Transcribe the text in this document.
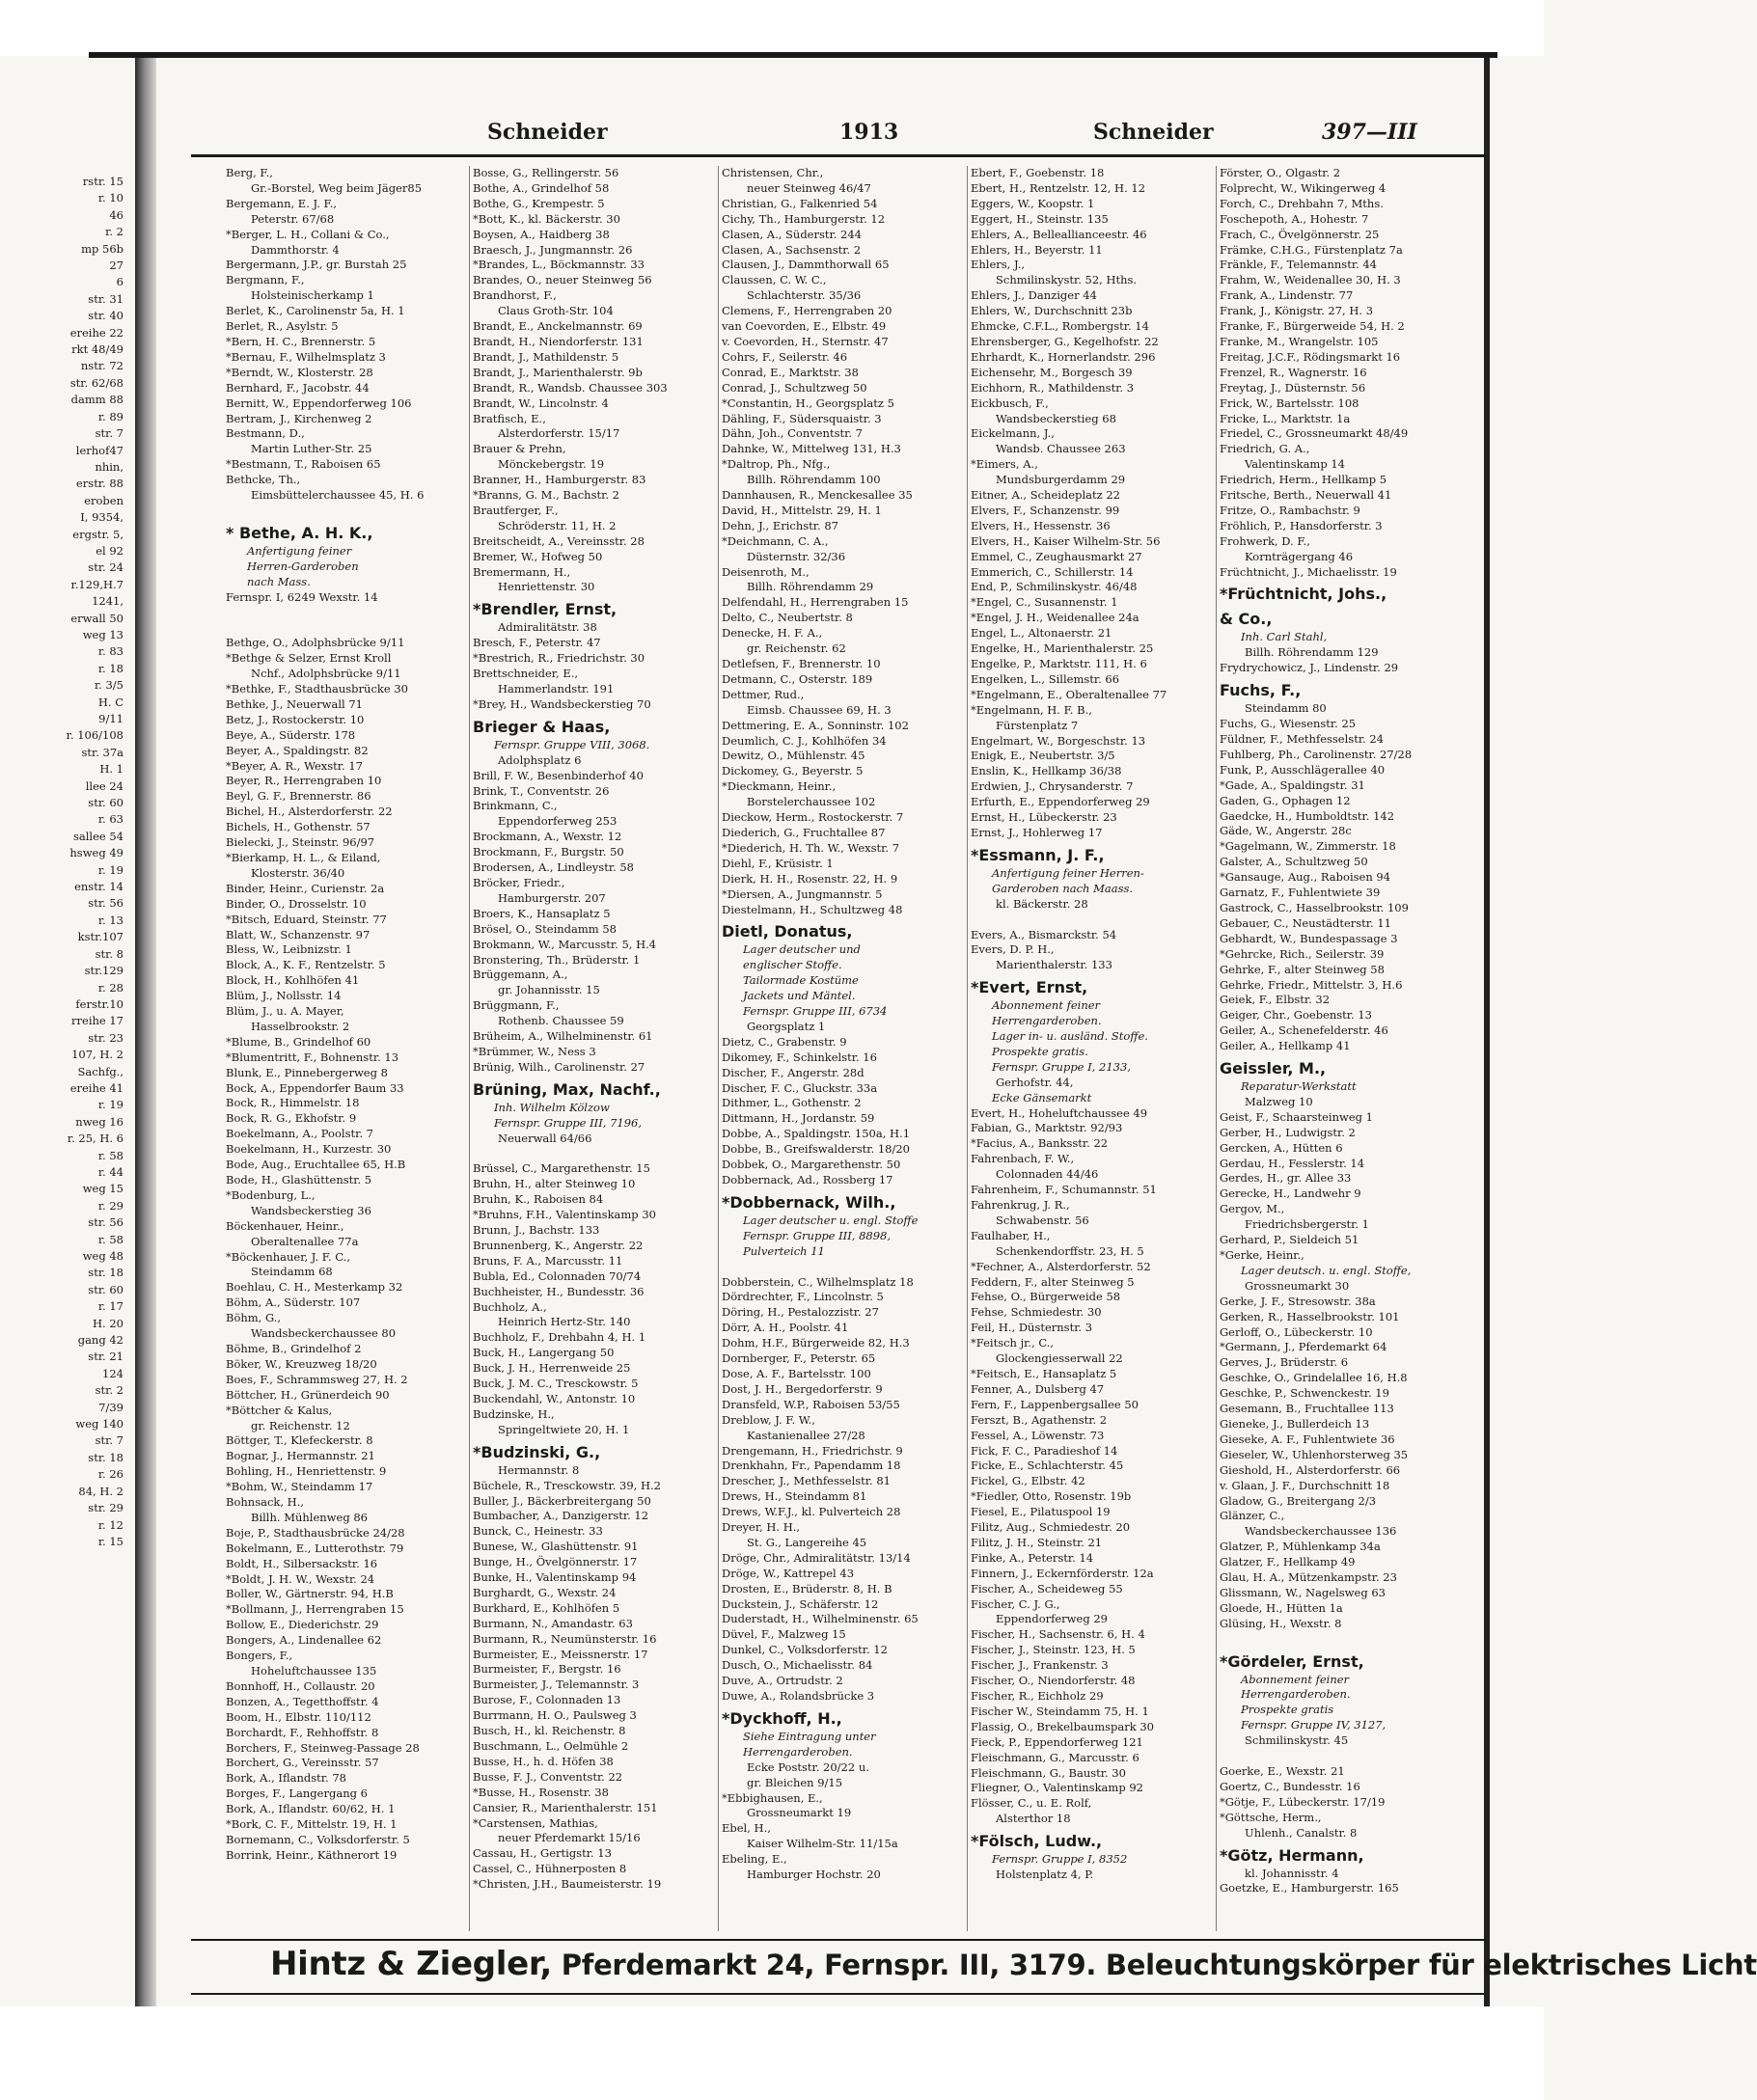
rstr. 15
r. 10
46
r. 2
mp 56b
27
6
str. 31
str. 40
ereihe 22
rkt 48/49
nstr. 72
str. 62/68
damm 88
r. 89
str. 7
lerhof47
nhin,
erstr. 88
eroben
I, 9354,
ergstr. 5,
el 92
str. 24
r.129,H.7
1241,
erwall 50
weg 13
r. 83
r. 18
r. 3/5
H. C
9/11
r. 106/108
str. 37a
H. 1
llee 24
str. 60
r. 63
sallee 54
hsweg 49
r. 19
enstr. 14
str. 56
r. 13
kstr.107
str. 8
str.129
r. 28
ferstr.10
rreihe 17
str. 23
107, H. 2
Sachfg.,
ereihe 41
r. 19
nweg 16
r. 25, H. 6
r. 58
r. 44
weg 15
r. 29
str. 56
r. 58
weg 48
str. 18
str. 60
r. 17
H. 20
gang 42
str. 21
124
str. 2
7/39
weg 140
str. 7
str. 18
r. 26
84, H. 2
str. 29
r. 12
r. 15
Schneider	1913	Schneider	397—III
Berg, F.,
Gr.-Borstel, Weg beim Jäger85
Bergemann, E. J. F.,
Peterstr. 67/68
*Berger, L. H., Collani & Co.,
Dammthorstr. 4
Bergermann, J.P., gr. Burstah 25
Bergmann, F.,
Holsteinischerkamp 1
Berlet, K., Carolinenstr 5a, H. 1
Berlet, R., Asylstr. 5
*Bern, H. C., Brennerstr. 5
*Bernau, F., Wilhelmsplatz 3
*Berndt, W., Klosterstr. 28
Bernhard, F., Jacobstr. 44
Bernitt, W., Eppendorferweg 106
Bertram, J., Kirchenweg 2
Bestmann, D.,
Martin Luther-Str. 25
*Bestmann, T., Raboisen 65
Bethcke, Th.,
Eimsbüttelerchaussee 45, H. 6

* Bethe, A. H. K.,
Anfertigung feiner
Herren-Garderoben
nach Mass.
Fernspr. I, 6249 Wexstr. 14

Bethge, O., Adolphsbrücke 9/11
*Bethge & Selzer, Ernst Kroll
Nchf., Adolphsbrücke 9/11
*Bethke, F., Stadthausbrücke 30
Bethke, J., Neuerwall 71
Betz, J., Rostockerstr. 10
Beye, A., Süderstr. 178
Beyer, A., Spaldingstr. 82
*Beyer, A. R., Wexstr. 17
Beyer, R., Herrengraben 10
Beyl, G. F., Brennerstr. 86
Bichel, H., Alsterdorferstr. 22
Bichels, H., Gothenstr. 57
Bielecki, J., Steinstr. 96/97
*Bierkamp, H. L., & Eiland,
Klosterstr. 36/40
Binder, Heinr., Curienstr. 2a
Binder, O., Drosselstr. 10
*Bitsch, Eduard, Steinstr. 77
Blatt, W., Schanzenstr. 97
Bless, W., Leibnizstr. 1
Block, A., K. F., Rentzelstr. 5
Block, H., Kohlhöfen 41
Blüm, J., Nollsstr. 14
Blüm, J., u. A. Mayer,
Hasselbrookstr. 2
*Blume, B., Grindelhof 60
*Blumentritt, F., Bohnenstr. 13
Blunk, E., Pinnebergerweg 8
Bock, A., Eppendorfer Baum 33
Bock, R., Himmelstr. 18
Bock, R. G., Ekhofstr. 9
Boekelmann, A., Poolstr. 7
Boekelmann, H., Kurzestr. 30
Bode, Aug., Eruchtallee 65, H.B
Bode, H., Glashüttenstr. 5
*Bodenburg, L.,
Wandsbeckerstieg 36
Böckenhauer, Heinr.,
Oberaltenallee 77a
*Böckenhauer, J. F. C.,
Steindamm 68
Boehlau, C. H., Mesterkamp 32
Böhm, A., Süderstr. 107
Böhm, G.,
Wandsbeckerchaussee 80
Böhme, B., Grindelhof 2
Böker, W., Kreuzweg 18/20
Boes, F., Schrammsweg 27, H. 2
Böttcher, H., Grünerdeich 90
*Böttcher & Kalus,
gr. Reichenstr. 12
Böttger, T., Klefeckerstr. 8
Bognar, J., Hermannstr. 21
Bohling, H., Henriettenstr. 9
*Bohm, W., Steindamm 17
Bohnsack, H.,
Billh. Mühlenweg 86
Boje, P., Stadthausbrücke 24/28
Bokelmann, E., Lutterothstr. 79
Boldt, H., Silbersackstr. 16
*Boldt, J. H. W., Wexstr. 24
Boller, W., Gärtnerstr. 94, H.B
*Bollmann, J., Herrengraben 15
Bollow, E., Diederichstr. 29
Bongers, A., Lindenallee 62
Bongers, F.,
Hoheluftchaussee 135
Bonnhoff, H., Collaustr. 20
Bonzen, A., Tegetthoffstr. 4
Boom, H., Elbstr. 110/112
Borchardt, F., Rehhoffstr. 8
Borchers, F., Steinweg-Passage 28
Borchert, G., Vereinsstr. 57
Bork, A., Iflandstr. 78
Borges, F., Langergang 6
Bork, A., Iflandstr. 60/62, H. 1
*Bork, C. F., Mittelstr. 19, H. 1
Bornemann, C., Volksdorferstr. 5
Borrink, Heinr., Käthnerort 19
Bosse, G., Rellingerstr. 56
Bothe, A., Grindelhof 58
Bothe, G., Krempestr. 5
*Bott, K., kl. Bäckerstr. 30
Boysen, A., Haidberg 38
Braesch, J., Jungmannstr. 26
*Brandes, L., Böckmannstr. 33
Brandes, O., neuer Steinweg 56
Brandhorst, F.,
Claus Groth-Str. 104
Brandt, E., Anckelmannstr. 69
Brandt, H., Niendorferstr. 131
Brandt, J., Mathildenstr. 5
Brandt, J., Marienthalerstr. 9b
Brandt, R., Wandsb. Chaussee 303
Brandt, W., Lincolnstr. 4
Bratfisch, E.,
Alsterdorferstr. 15/17
Brauer & Prehn,
Mönckebergstr. 19
Branner, H., Hamburgerstr. 83
*Branns, G. M., Bachstr. 2
Brautferger, F.,
Schröderstr. 11, H. 2
Breitscheidt, A., Vereinsstr. 28
Bremer, W., Hofweg 50
Bremermann, H.,
Henriettenstr. 30
*Brendler, Ernst,
Admiralitätstr. 38
Bresch, F., Peterstr. 47
*Brestrich, R., Friedrichstr. 30
Brettschneider, E.,
Hammerlandstr. 191
*Brey, H., Wandsbeckerstieg 70
Brieger & Haas,
Fernspr. Gruppe VIII, 3068.
Adolphsplatz 6
Brill, F. W., Besenbinderhof 40
Brink, T., Conventstr. 26
Brinkmann, C.,
Eppendorferweg 253
Brockmann, A., Wexstr. 12
Brockmann, F., Burgstr. 50
Brodersen, A., Lindleystr. 58
Bröcker, Friedr.,
Hamburgerstr. 207
Broers, K., Hansaplatz 5
Brösel, O., Steindamm 58
Brokmann, W., Marcusstr. 5, H.4
Bronstering, Th., Brüderstr. 1
Brüggemann, A.,
gr. Johannisstr. 15
Brüggmann, F.,
Rothenb. Chaussee 59
Brüheim, A., Wilhelminenstr. 61
*Brümmer, W., Ness 3
Brünig, Wilh., Carolinenstr. 27
Brüning, Max, Nachf.,
Inh. Wilhelm Kölzow
Fernspr. Gruppe III, 7196,
Neuerwall 64/66

Brüssel, C., Margarethenstr. 15
Bruhn, H., alter Steinweg 10
Bruhn, K., Raboisen 84
*Bruhns, F.H., Valentinskamp 30
Brunn, J., Bachstr. 133
Brunnenberg, K., Angerstr. 22
Bruns, F. A., Marcusstr. 11
Bubla, Ed., Colonnaden 70/74
Buchheister, H., Bundesstr. 36
Buchholz, A.,
Heinrich Hertz-Str. 140
Buchholz, F., Drehbahn 4, H. 1
Buck, H., Langergang 50
Buck, J. H., Herrenweide 25
Buck, J. M. C., Tresckowstr. 5
Buckendahl, W., Antonstr. 10
Budzinske, H.,
Springeltwiete 20, H. 1
*Budzinski, G.,
Hermannstr. 8
Büchele, R., Tresckowstr. 39, H.2
Buller, J., Bäckerbreitergang 50
Bumbacher, A., Danzigerstr. 12
Bunck, C., Heinestr. 33
Bunese, W., Glashüttenstr. 91
Bunge, H., Övelgönnerstr. 17
Bunke, H., Valentinskamp 94
Burghardt, G., Wexstr. 24
Burkhard, E., Kohlhöfen 5
Burmann, N., Amandastr. 63
Burmann, R., Neumünsterstr. 16
Burmeister, E., Meissnerstr. 17
Burmeister, F., Bergstr. 16
Burmeister, J., Telemannstr. 3
Burose, F., Colonnaden 13
Burrmann, H. O., Paulsweg 3
Busch, H., kl. Reichenstr. 8
Buschmann, L., Oelmühle 2
Busse, H., h. d. Höfen 38
Busse, F. J., Conventstr. 22
*Busse, H., Rosenstr. 38
Cansier, R., Marienthalerstr. 151
*Carstensen, Mathias,
neuer Pferdemarkt 15/16
Cassau, H., Gertigstr. 13
Cassel, C., Hühnerposten 8
*Christen, J.H., Baumeisterstr. 19
Christensen, Chr.,
neuer Steinweg 46/47
Christian, G., Falkenried 54
Cichy, Th., Hamburgerstr. 12
Clasen, A., Süderstr. 244
Clasen, A., Sachsenstr. 2
Clausen, J., Dammthorwall 65
Claussen, C. W. C.,
Schlachterstr. 35/36
Clemens, F., Herrengraben 20
van Coevorden, E., Elbstr. 49
v. Coevorden, H., Sternstr. 47
Cohrs, F., Seilerstr. 46
Conrad, E., Marktstr. 38
Conrad, J., Schultzweg 50
*Constantin, H., Georgsplatz 5
Dähling, F., Südersquaistr. 3
Dähn, Joh., Conventstr. 7
Dahnke, W., Mittelweg 131, H.3
*Daltrop, Ph., Nfg.,
Billh. Röhrendamm 100
Dannhausen, R., Menckesallee 35
David, H., Mittelstr. 29, H. 1
Dehn, J., Erichstr. 87
*Deichmann, C. A.,
Düsternstr. 32/36
Deisenroth, M.,
Billh. Röhrendamm 29
Delfendahl, H., Herrengraben 15
Delto, C., Neubertstr. 8
Denecke, H. F. A.,
gr. Reichenstr. 62
Detlefsen, F., Brennerstr. 10
Detmann, C., Osterstr. 189
Dettmer, Rud.,
Eimsb. Chaussee 69, H. 3
Dettmering, E. A., Sonninstr. 102
Deumlich, C. J., Kohlhöfen 34
Dewitz, O., Mühlenstr. 45
Dickomey, G., Beyerstr. 5
*Dieckmann, Heinr.,
Borstelerchaussee 102
Dieckow, Herm., Rostockerstr. 7
Diederich, G., Fruchtallee 87
*Diederich, H. Th. W., Wexstr. 7
Diehl, F., Krüsistr. 1
Dierk, H. H., Rosenstr. 22, H. 9
*Diersen, A., Jungmannstr. 5
Diestelmann, H., Schultzweg 48
Dietl, Donatus,
Lager deutscher und
englischer Stoffe.
Tailormade Kostüme
Jackets und Mäntel.
Fernspr. Gruppe III, 6734
Georgsplatz 1
Dietz, C., Grabenstr. 9
Dikomey, F., Schinkelstr. 16
Discher, F., Angerstr. 28d
Discher, F. C., Gluckstr. 33a
Dithmer, L., Gothenstr. 2
Dittmann, H., Jordanstr. 59
Dobbe, A., Spaldingstr. 150a, H.1
Dobbe, B., Greifswalderstr. 18/20
Dobbek, O., Margarethenstr. 50
Dobbernack, Ad., Rossberg 17
*Dobbernack, Wilh.,
Lager deutscher u. engl. Stoffe
Fernspr. Gruppe III, 8898,
Pulverteich 11

Dobberstein, C., Wilhelmsplatz 18
Dördrechter, F., Lincolnstr. 5
Döring, H., Pestalozzistr. 27
Dörr, A. H., Poolstr. 41
Dohm, H.F., Bürgerweide 82, H.3
Dornberger, F., Peterstr. 65
Dose, A. F., Bartelsstr. 100
Dost, J. H., Bergedorferstr. 9
Dransfeld, W.P., Raboisen 53/55
Dreblow, J. F. W.,
Kastanienallee 27/28
Drengemann, H., Friedrichstr. 9
Drenkhahn, Fr., Papendamm 18
Drescher, J., Methfesselstr. 81
Drews, H., Steindamm 81
Drews, W.F.J., kl. Pulverteich 28
Dreyer, H. H.,
St. G., Langereihe 45
Dröge, Chr., Admiralitätstr. 13/14
Dröge, W., Kattrepel 43
Drosten, E., Brüderstr. 8, H. B
Duckstein, J., Schäferstr. 12
Duderstadt, H., Wilhelminenstr. 65
Düvel, F., Malzweg 15
Dunkel, C., Volksdorferstr. 12
Dusch, O., Michaelisstr. 84
Duve, A., Ortrudstr. 2
Duwe, A., Rolandsbrücke 3
*Dyckhoff, H.,
Siehe Eintragung unter
Herrengarderoben.
Ecke Poststr. 20/22 u.
gr. Bleichen 9/15
*Ebbighausen, E.,
Grossneumarkt 19
Ebel, H.,
Kaiser Wilhelm-Str. 11/15a
Ebeling, E.,
Hamburger Hochstr. 20
Ebert, F., Goebenstr. 18
Ebert, H., Rentzelstr. 12, H. 12
Eggers, W., Koopstr. 1
Eggert, H., Steinstr. 135
Ehlers, A., Belleallianceestr. 46
Ehlers, H., Beyerstr. 11
Ehlers, J.,
Schmilinskystr. 52, Hths.
Ehlers, J., Danziger 44
Ehlers, W., Durchschnitt 23b
Ehmcke, C.F.L., Rombergstr. 14
Ehrensberger, G., Kegelhofstr. 22
Ehrhardt, K., Hornerlandstr. 296
Eichensehr, M., Borgesch 39
Eichhorn, R., Mathildenstr. 3
Eickbusch, F.,
Wandsbeckerstieg 68
Eickelmann, J.,
Wandsb. Chaussee 263
*Eimers, A.,
Mundsburgerdamm 29
Eitner, A., Scheideplatz 22
Elvers, F., Schanzenstr. 99
Elvers, H., Hessenstr. 36
Elvers, H., Kaiser Wilhelm-Str. 56
Emmel, C., Zeughausmarkt 27
Emmerich, C., Schillerstr. 14
End, P., Schmilinskystr. 46/48
*Engel, C., Susannenstr. 1
*Engel, J. H., Weidenallee 24a
Engel, L., Altonaerstr. 21
Engelke, H., Marienthalerstr. 25
Engelke, P., Marktstr. 111, H. 6
Engelken, L., Sillemstr. 66
*Engelmann, E., Oberaltenallee 77
*Engelmann, H. F. B.,
Fürstenplatz 7
Engelmart, W., Borgeschstr. 13
Enigk, E., Neubertstr. 3/5
Enslin, K., Hellkamp 36/38
Erdwien, J., Chrysanderstr. 7
Erfurth, E., Eppendorferweg 29
Ernst, H., Lübeckerstr. 23
Ernst, J., Hohlerweg 17
*Essmann, J. F.,
Anfertigung feiner Herren-
Garderoben nach Maass.
kl. Bäckerstr. 28

Evers, A., Bismarckstr. 54
Evers, D. P. H.,
Marienthalerstr. 133
*Evert, Ernst,
Abonnement feiner
Herrengarderoben.
Lager in- u. ausländ. Stoffe.
Prospekte gratis.
Fernspr. Gruppe I, 2133,
Gerhofstr. 44,
Ecke Gänsemarkt
Evert, H., Hoheluftchaussee 49
Fabian, G., Marktstr. 92/93
*Facius, A., Banksstr. 22
Fahrenbach, F. W.,
Colonnaden 44/46
Fahrenheim, F., Schumannstr. 51
Fahrenkrug, J. R.,
Schwabenstr. 56
Faulhaber, H.,
Schenkendorffstr. 23, H. 5
*Fechner, A., Alsterdorferstr. 52
Feddern, F., alter Steinweg 5
Fehse, O., Bürgerweide 58
Fehse, Schmiedestr. 30
Feil, H., Düsternstr. 3
*Feitsch jr., C.,
Glockengiesserwall 22
*Feitsch, E., Hansaplatz 5
Fenner, A., Dulsberg 47
Fern, F., Lappenbergsallee 50
Ferszt, B., Agathenstr. 2
Fessel, A., Löwenstr. 73
Fick, F. C., Paradieshof 14
Ficke, E., Schlachterstr. 45
Fickel, G., Elbstr. 42
*Fiedler, Otto, Rosenstr. 19b
Fiesel, E., Pilatuspool 19
Filitz, Aug., Schmiedestr. 20
Filitz, J. H., Steinstr. 21
Finke, A., Peterstr. 14
Finnern, J., Eckernförderstr. 12a
Fischer, A., Scheideweg 55
Fischer, C. J. G.,
Eppendorferweg 29
Fischer, H., Sachsenstr. 6, H. 4
Fischer, J., Steinstr. 123, H. 5
Fischer, J., Frankenstr. 3
Fischer, O., Niendorferstr. 48
Fischer, R., Eichholz 29
Fischer W., Steindamm 75, H. 1
Flassig, O., Brekelbaumspark 30
Fieck, P., Eppendorferweg 121
Fleischmann, G., Marcusstr. 6
Fleischmann, G., Baustr. 30
Fliegner, O., Valentinskamp 92
Flösser, C., u. E. Rolf,
Alsterthor 18
*Fölsch, Ludw.,
Fernspr. Gruppe I, 8352
Holstenplatz 4, P.
Förster, O., Olgastr. 2
Folprecht, W., Wikingerweg 4
Forch, C., Drehbahn 7, Mths.
Foschepoth, A., Hohestr. 7
Frach, C., Övelgönnerstr. 25
Främke, C.H.G., Fürstenplatz 7a
Fränkle, F., Telemannstr. 44
Frahm, W., Weidenallee 30, H. 3
Frank, A., Lindenstr. 77
Frank, J., Königstr. 27, H. 3
Franke, F., Bürgerweide 54, H. 2
Franke, M., Wrangelstr. 105
Freitag, J.C.F., Rödingsmarkt 16
Frenzel, R., Wagnerstr. 16
Freytag, J., Düsternstr. 56
Frick, W., Bartelsstr. 108
Fricke, L., Marktstr. 1a
Friedel, C., Grossneumarkt 48/49
Friedrich, G. A.,
Valentinskamp 14
Friedrich, Herm., Hellkamp 5
Fritsche, Berth., Neuerwall 41
Fritze, O., Rambachstr. 9
Fröhlich, P., Hansdorferstr. 3
Frohwerk, D. F.,
Kornträgergang 46
Früchtnicht, J., Michaelisstr. 19
*Früchtnicht, Johs.,
& Co.,
Inh. Carl Stahl,
Billh. Röhrendamm 129
Frydrychowicz, J., Lindenstr. 29
Fuchs, F.,
Steindamm 80
Fuchs, G., Wiesenstr. 25
Füldner, F., Methfesselstr. 24
Fuhlberg, Ph., Carolinenstr. 27/28
Funk, P., Ausschlägerallee 40
*Gade, A., Spaldingstr. 31
Gaden, G., Ophagen 12
Gaedcke, H., Humboldtstr. 142
Gäde, W., Angerstr. 28c
*Gagelmann, W., Zimmerstr. 18
Galster, A., Schultzweg 50
*Gansauge, Aug., Raboisen 94
Garnatz, F., Fuhlentwiete 39
Gastrock, C., Hasselbrookstr. 109
Gebauer, C., Neustädterstr. 11
Gebhardt, W., Bundespassage 3
*Gehrcke, Rich., Seilerstr. 39
Gehrke, F., alter Steinweg 58
Gehrke, Friedr., Mittelstr. 3, H.6
Geiek, F., Elbstr. 32
Geiger, Chr., Goebenstr. 13
Geiler, A., Schenefelderstr. 46
Geiler, A., Hellkamp 41
Geissler, M.,
Reparatur-Werkstatt
Malzweg 10
Geist, F., Schaarsteinweg 1
Gerber, H., Ludwigstr. 2
Gercken, A., Hütten 6
Gerdau, H., Fesslerstr. 14
Gerdes, H., gr. Allee 33
Gerecke, H., Landwehr 9
Gergov, M.,
Friedrichsbergerstr. 1
Gerhard, P., Sieldeich 51
*Gerke, Heinr.,
Lager deutsch. u. engl. Stoffe,
Grossneumarkt 30
Gerke, J. F., Stresowstr. 38a
Gerken, R., Hasselbrookstr. 101
Gerloff, O., Lübeckerstr. 10
*Germann, J., Pferdemarkt 64
Gerves, J., Brüderstr. 6
Geschke, O., Grindelallee 16, H.8
Geschke, P., Schwenckestr. 19
Gesemann, B., Fruchtallee 113
Gieneke, J., Bullerdeich 13
Gieseke, A. F., Fuhlentwiete 36
Gieseler, W., Uhlenhorsterweg 35
Gieshold, H., Alsterdorferstr. 66
v. Glaan, J. F., Durchschnitt 18
Gladow, G., Breitergang 2/3
Glänzer, C.,
Wandsbeckerchaussee 136
Glatzer, P., Mühlenkamp 34a
Glatzer, F., Hellkamp 49
Glau, H. A., Mützenkampstr. 23
Glissmann, W., Nagelsweg 63
Gloede, H., Hütten 1a
Glüsing, H., Wexstr. 8

*Gördeler, Ernst,
Abonnement feiner
Herrengarderoben.
Prospekte gratis
Fernspr. Gruppe IV, 3127,
Schmilinskystr. 45

Goerke, E., Wexstr. 21
Goertz, C., Bundesstr. 16
*Götje, F., Lübeckerstr. 17/19
*Göttsche, Herm.,
Uhlenh., Canalstr. 8
*Götz, Hermann,
kl. Johannisstr. 4
Goetzke, E., Hamburgerstr. 165
Hintz & Ziegler, Pferdemarkt 24, Fernspr. III, 3179. Beleuchtungskörper für elektrisches Licht
